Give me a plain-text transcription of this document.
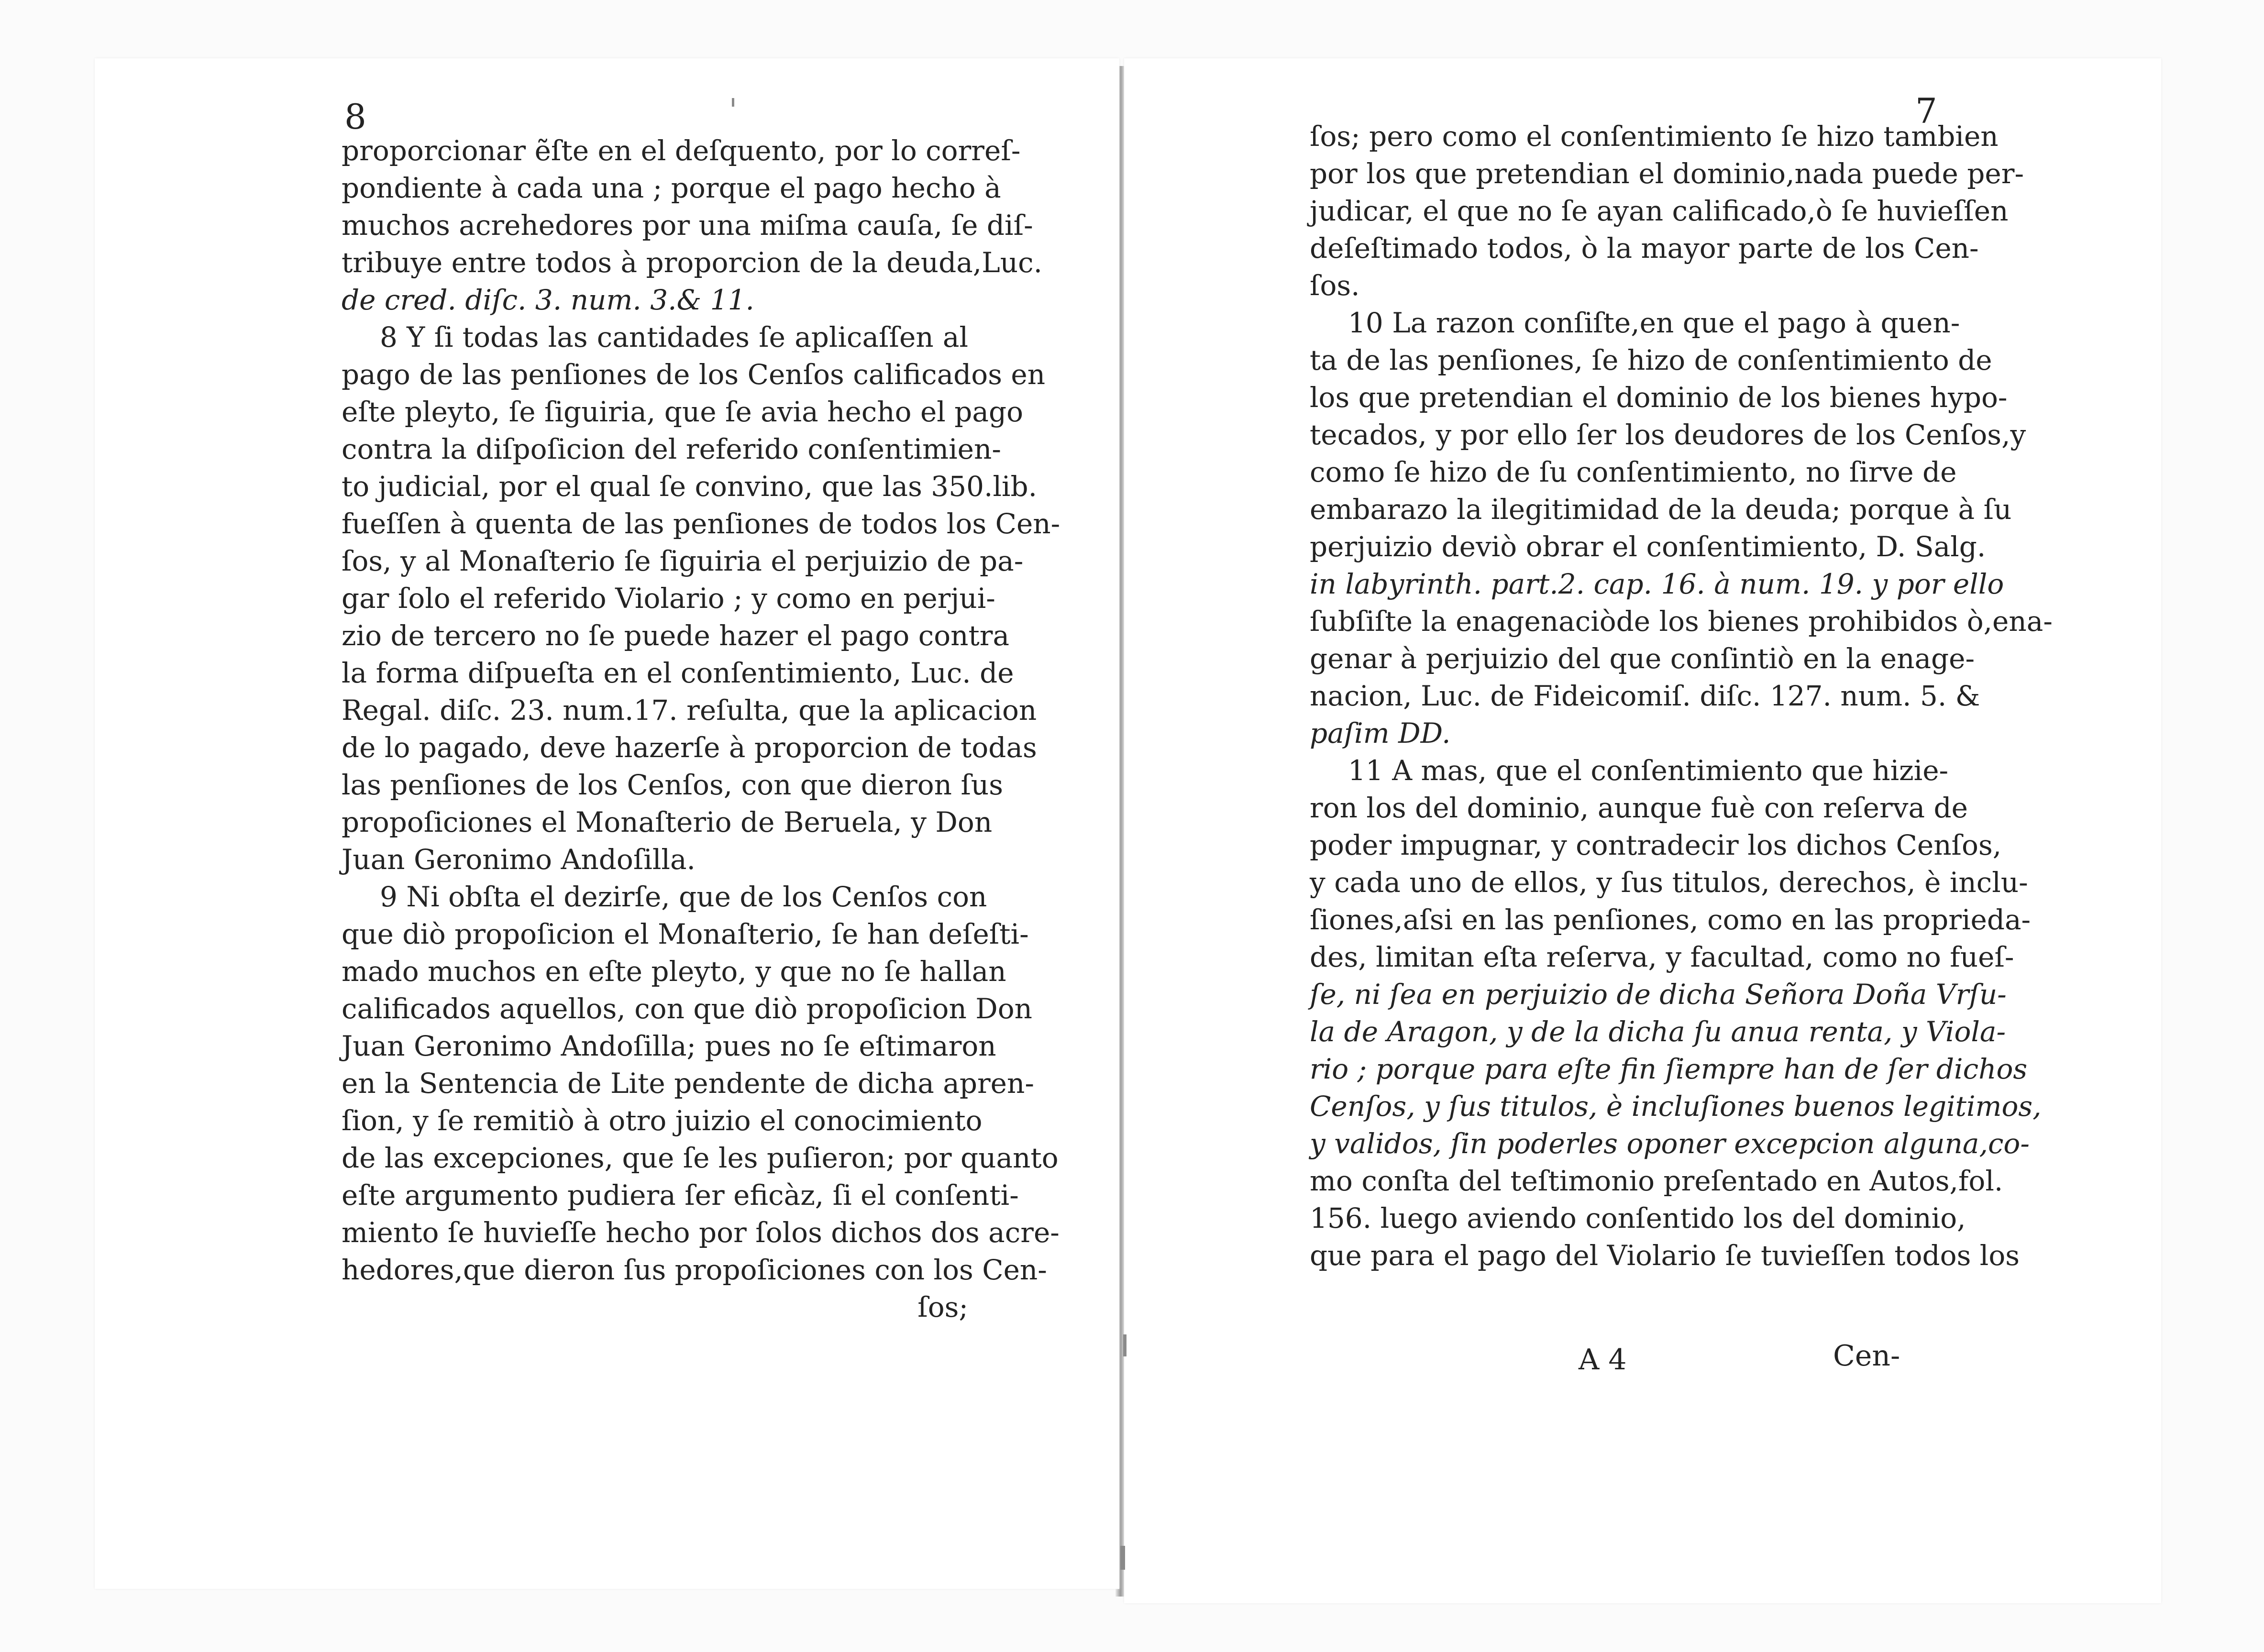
8	7
proporcionar ẽſte en el deſquento, por lo correſ-
pondiente à cada una ; porque el pago hecho à
muchos acrehedores por una miſma cauſa, ſe diſ-
tribuye entre todos à proporcion de la deuda,Luc.
de cred. diſc. 3. num. 3.& 11.
8 Y ſi todas las cantidades ſe aplicaſſen al
pago de las penſiones de los Cenſos calificados en
eſte pleyto, ſe ſiguiria, que ſe avia hecho el pago
contra la diſpoſicion del referido conſentimien-
to judicial, por el qual ſe convino, que las 350.lib.
fueſſen à quenta de las penſiones de todos los Cen-
ſos, y al Monaſterio ſe ſiguiria el perjuizio de pa-
gar ſolo el referido Violario ; y como en perjui-
zio de tercero no ſe puede hazer el pago contra
la forma diſpueſta en el conſentimiento, Luc. de
Regal. diſc. 23. num.17. reſulta, que la aplicacion
de lo pagado, deve hazerſe à proporcion de todas
las penſiones de los Cenſos, con que dieron ſus
propoſiciones el Monaſterio de Beruela, y Don
Juan Geronimo Andoſilla.
9 Ni obſta el dezirſe, que de los Cenſos con
que diò propoſicion el Monaſterio, ſe han deſeſti-
mado muchos en eſte pleyto, y que no ſe hallan
calificados aquellos, con que diò propoſicion Don
Juan Geronimo Andoſilla; pues no ſe eſtimaron
en la Sentencia de Lite pendente de dicha apren-
ſion, y ſe remitiò à otro juizio el conocimiento
de las excepciones, que ſe les puſieron; por quanto
eſte argumento pudiera ſer eficàz, ſi el conſenti-
miento ſe huvieſſe hecho por ſolos dichos dos acre-
hedores,que dieron ſus propoſiciones con los Cen-
ſos;
ſos; pero como el conſentimiento ſe hizo tambien
por los que pretendian el dominio,nada puede per-
judicar, el que no ſe ayan calificado,ò ſe huvieſſen
deſeſtimado todos, ò la mayor parte de los Cen-
ſos.
10 La razon conſiſte,en que el pago à quen-
ta de las penſiones, ſe hizo de conſentimiento de
los que pretendian el dominio de los bienes hypo-
tecados, y por ello ſer los deudores de los Cenſos,y
como ſe hizo de ſu conſentimiento, no ſirve de
embarazo la ilegitimidad de la deuda; porque à ſu
perjuizio deviò obrar el conſentimiento, D. Salg.
in labyrinth. part.2. cap. 16. à num. 19. y por ello
ſubſiſte la enagenaciòde los bienes prohibidos ò,ena-
genar à perjuizio del que conſintiò en la enage-
nacion, Luc. de Fideicomiſ. diſc. 127. num. 5. &
paſim DD.
11 A mas, que el conſentimiento que hizie-
ron los del dominio, aunque fuè con reſerva de
poder impugnar, y contradecir los dichos Cenſos,
y cada uno de ellos, y ſus titulos, derechos, è inclu-
ſiones,aſsi en las penſiones, como en las proprieda-
des, limitan eſta reſerva, y facultad, como no fueſ-
ſe, ni ſea en perjuizio de dicha Señora Doña Vrſu-
la de Aragon, y de la dicha ſu anua renta, y Viola-
rio ; porque para eſte fin ſiempre han de ſer dichos
Cenſos, y ſus titulos, è incluſiones buenos legitimos,
y validos, ſin poderles oponer excepcion alguna,co-
mo conſta del teſtimonio preſentado en Autos,fol.
156. luego aviendo conſentido los del dominio,
que para el pago del Violario ſe tuvieſſen todos los
A 4	Cen-
